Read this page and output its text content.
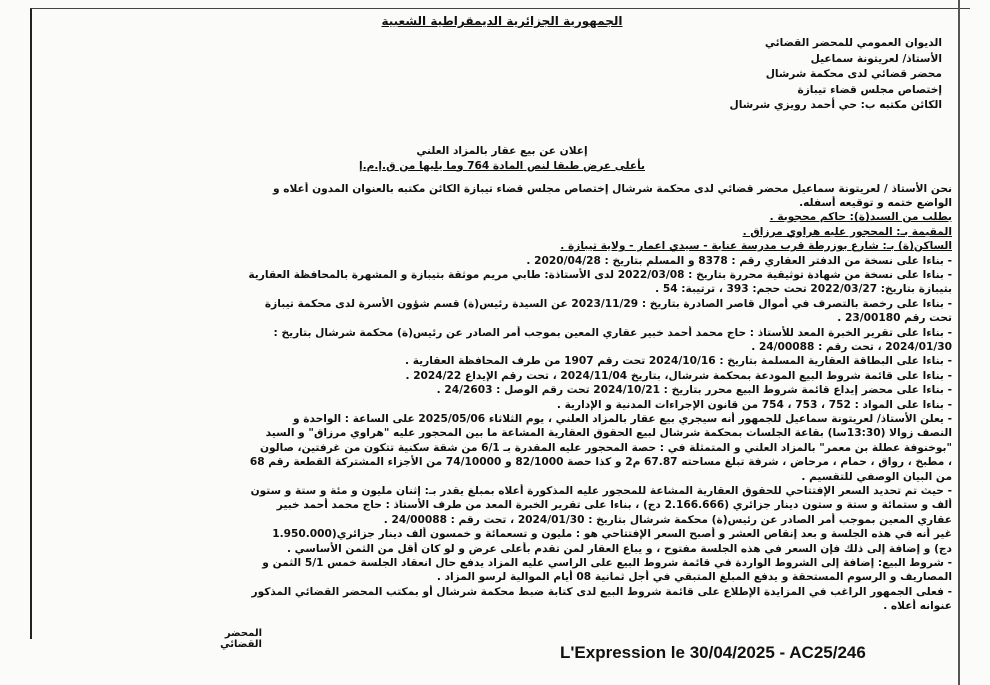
الجمهورية الجزائرية الديمقراطية الشعبية
الديوان العمومي للمحضر القضائي
الأستاذ/ لعريتونة سماعيل
محضر قضائي لدى محكمة شرشال
إختصاص مجلس قضاء تيبازة
الكائن مكتبه ب: حي أحمد رويزي شرشال
إعلان عن بيع عقار بالمزاد العلني
بأعلى عرض طبقا لنص المادة 764 وما يليها من ق.إ.م.إ
نحن الأستاذ / لعريتونة سماعيل محضر قضائي لدى محكمة شرشال إختصاص مجلس قضاء تيبازة الكائن مكتبه بالعنوان المدون أعلاه و
الواضع ختمه و توقيعه أسفله.
بطلب من السيد(ة): حاكم محجوبة .
المقيمة بـ: المحجور عليه هراوي مرزاق .
الساكن(ة) بـ: شارع بوزرطة قرب مدرسة عنابة - سيدي اعمار - ولاية تيبازة .
- بناءا على نسخة من الدفتر العقاري رقم : 8378 و المسلم بتاريخ : 2020/04/28 .
- بناءا على نسخة من شهادة توثيقية محررة بتاريخ : 2022/03/08 لدى الأستاذة: طابي مريم موثقة بتيبازة و المشهرة بالمحافظة العقارية
بتيبازة بتاريخ: 2022/03/27 تحت حجم: 393 ، ترتيبة: 54 .
- بناءا على رخصة بالتصرف في أموال قاصر الصادرة بتاريخ : 2023/11/29 عن السيدة رئيس(ة) قسم شؤون الأسرة لدى محكمة تيبازة
تحت رقم 23/00180 .
- بناءا على تقرير الخبرة المعد للأستاذ : حاج محمد أحمد خبير عقاري المعين بموجب أمر الصادر عن رئيس(ة) محكمة شرشال بتاريخ :
2024/01/30 ، تحت رقم : 24/00088 .
- بناءا على البطاقة العقارية المسلمة بتاريخ : 2024/10/16 تحت رقم 1907 من طرف المحافظة العقارية .
- بناءا على قائمة شروط البيع المودعة بمحكمة شرشال، بتاريخ 2024/11/04 ، تحت رقم الإيداع 2024/22 .
- بناءا على محضر إيداع قائمة شروط البيع محرر بتاريخ : 2024/10/21 تحت رقم الوصل : 24/2603 .
- بناءا على المواد : 752 ، 753 ، 754 من قانون الإجراءات المدنية و الإدارية .
- يعلن الأستاذ/ لعريتونة سماعيل للجمهور أنه سيجري بيع عقار بالمزاد العلني ، يوم الثلاثاء 2025/05/06 على الساعة : الواحدة و
النصف زوالا (13:30سا) بقاعة الجلسات بمحكمة شرشال لبيع الحقوق العقارية المشاعة ما بين المحجور عليه "هراوي مرزاق" و السيد
"بوخنوفة عطلة بن معمر" بالمزاد العلني و المتمثلة في : حصة المحجور عليه المقدرة بـ 6/1 من شقة سكنية تتكون من غرفتين، صالون
، مطبخ ، رواق ، حمام ، مرحاض ، شرفة تبلغ مساحته 67.87 م2 و كذا حصة 82/1000 و 74/10000 من الأجزاء المشتركة القطعة رقم 68
من البيان الوصفي للتقسيم .
- حيث تم تحديد السعر الإفتتاحي للحقوق العقارية المشاعة للمحجور عليه المذكورة أعلاه بمبلغ يقدر بـ: إثنان مليون و مئة و ستة و ستون
ألف و ستمائة و ستة و ستون دينار جزائري (2.166.666 دج) ، بناءا على تقرير الخبرة المعد من طرف الأستاذ : حاج محمد أحمد خبير
عقاري المعين بموجب أمر الصادر عن رئيس(ة) محكمة شرشال بتاريخ : 2024/01/30 ، تحت رقم : 24/00088 .
غير أنه في هذه الجلسة و بعد إنقاص العشر و أصبح السعر الإفتتاحي هو : مليون و تسعمائة و خمسون ألف دينار جزائري(1.950.000
دج) و إضافة إلى ذلك فإن السعر في هذه الجلسة مفتوح ، و يباع العقار لمن تقدم بأعلى عرض و لو كان أقل من الثمن الأساسي .
- شروط البيع: إضافة إلى الشروط الواردة في قائمة شروط البيع على الراسي عليه المزاد يدفع حال انعقاد الجلسة خمس 5/1 الثمن و
المصاريف و الرسوم المستحقة و يدفع المبلغ المتبقي في أجل ثمانية 08 أيام الموالية لرسو المزاد .
- فعلى الجمهور الراغب في المزايدة الإطلاع على قائمة شروط البيع لدى كتابة ضبط محكمة شرشال أو بمكتب المحضر القضائي المذكور
عنوانه أعلاه .
المحضر
القضائي	L'Expression le 30/04/2025 - AC25/246
